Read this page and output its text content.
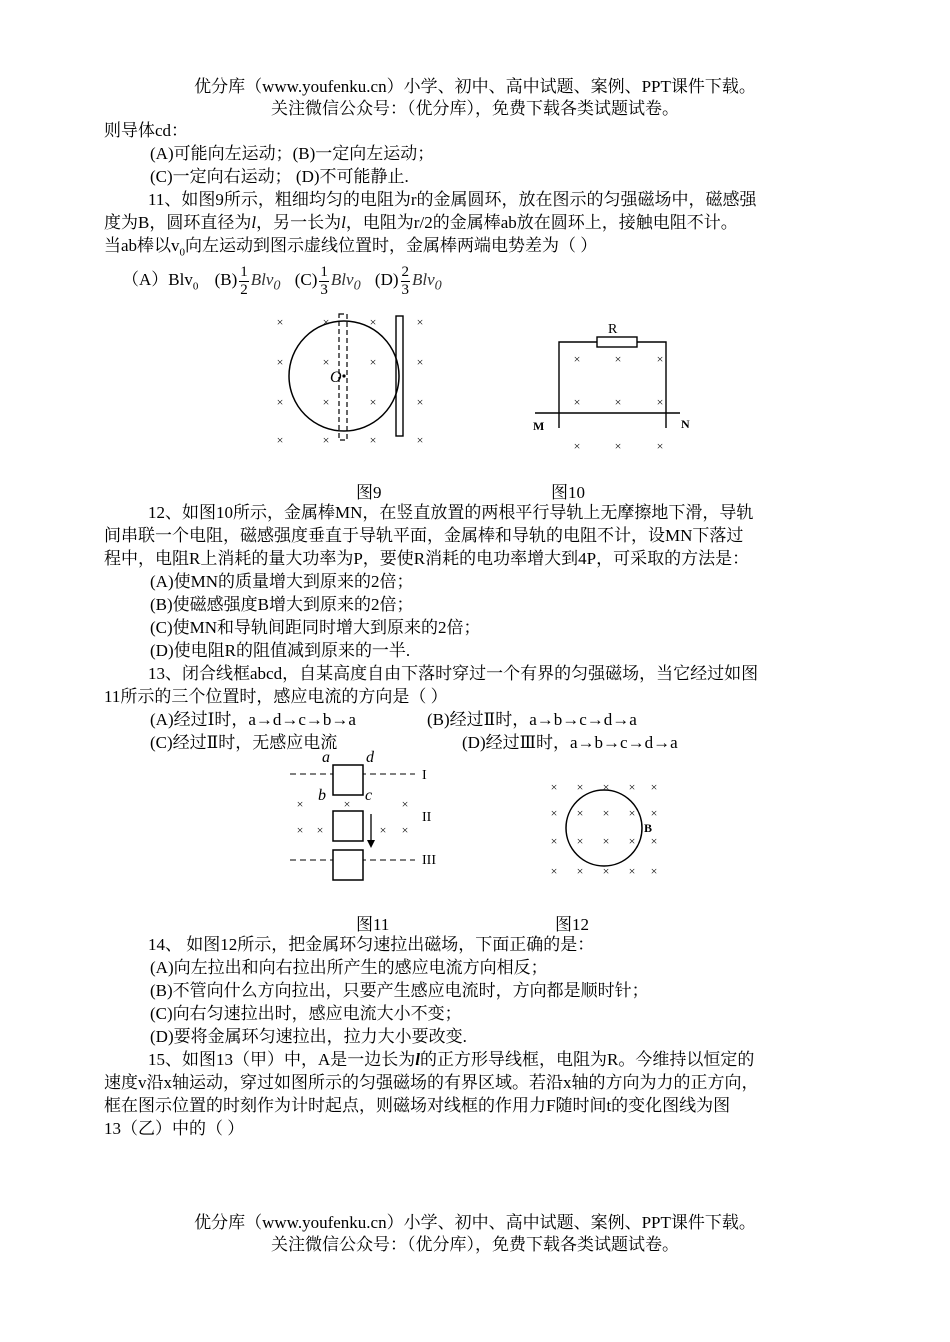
优分库（www.youfenku.cn）小学、初中、高中试题、案例、PPT课件下载。
关注微信公众号：（优分库），免费下载各类试题试卷。
则导体cd：
(A)可能向左运动；(B)一定向左运动；
(C)一定向右运动； (D)不可能静止.
11、如图9所示，粗细均匀的电阻为r的金属圆环，放在图示的匀强磁场中，磁感强
度为B，圆环直径为l，另一长为l，电阻为r/2的金属棒ab放在圆环上，接触电阻不计。
当ab棒以$v_0$向左运动到图示虚线位置时，金属棒两端电势差为（ ）
（A）Blv$_0$ $(B) \frac{1}{2} Blv_0$ $(C) \frac{1}{3} Blv_0$ $(D) \frac{2}{3} Blv_0$
×	×	×	×
×	×	×	×
×	×	×	×
×	×	×	×
O
R
M	N
×	×	×
×	×	×
×	×	×
图9	图10
12、如图10所示，金属棒MN，在竖直放置的两根平行导轨上无摩擦地下滑，导轨
间串联一个电阻，磁感强度垂直于导轨平面，金属棒和导轨的电阻不计，设MN下落过
程中，电阻R上消耗的量大功率为P，要使R消耗的电功率增大到4P，可采取的方法是：
(A)使MN的质量增大到原来的2倍；
(B)使磁感强度B增大到原来的2倍；
(C)使MN和导轨间距同时增大到原来的2倍；
(D)使电阻R的阻值减到原来的一半.
13、闭合线框abcd，自某高度自由下落时穿过一个有界的匀强磁场，当它经过如图
11所示的三个位置时，感应电流的方向是（ ）
(A)经过Ⅰ时，a→d→c→b→a	(B)经过Ⅱ时，a→b→c→d→a
(C)经过Ⅱ时，无感应电流	(D)经过Ⅲ时，a→b→c→d→a
a d
b c
I
II
III
×	×	×
× ×	× ×
× × × × ×
× × × × ×
× × × × ×
× × × × ×
B
图11	图12
14、 如图12所示，把金属环匀速拉出磁场，下面正确的是：
(A)向左拉出和向右拉出所产生的感应电流方向相反；
(B)不管向什么方向拉出，只要产生感应电流时，方向都是顺时针；
(C)向右匀速拉出时，感应电流大小不变；
(D)要将金属环匀速拉出，拉力大小要改变.
15、如图13（甲）中，A是一边长为l的正方形导线框，电阻为R。今维持以恒定的
速度v沿x轴运动，穿过如图所示的匀强磁场的有界区域。若沿x轴的方向为力的正方向，
框在图示位置的时刻作为计时起点，则磁场对线框的作用力F随时间t的变化图线为图
13（乙）中的（ ）
优分库（www.youfenku.cn）小学、初中、高中试题、案例、PPT课件下载。
关注微信公众号：（优分库），免费下载各类试题试卷。
